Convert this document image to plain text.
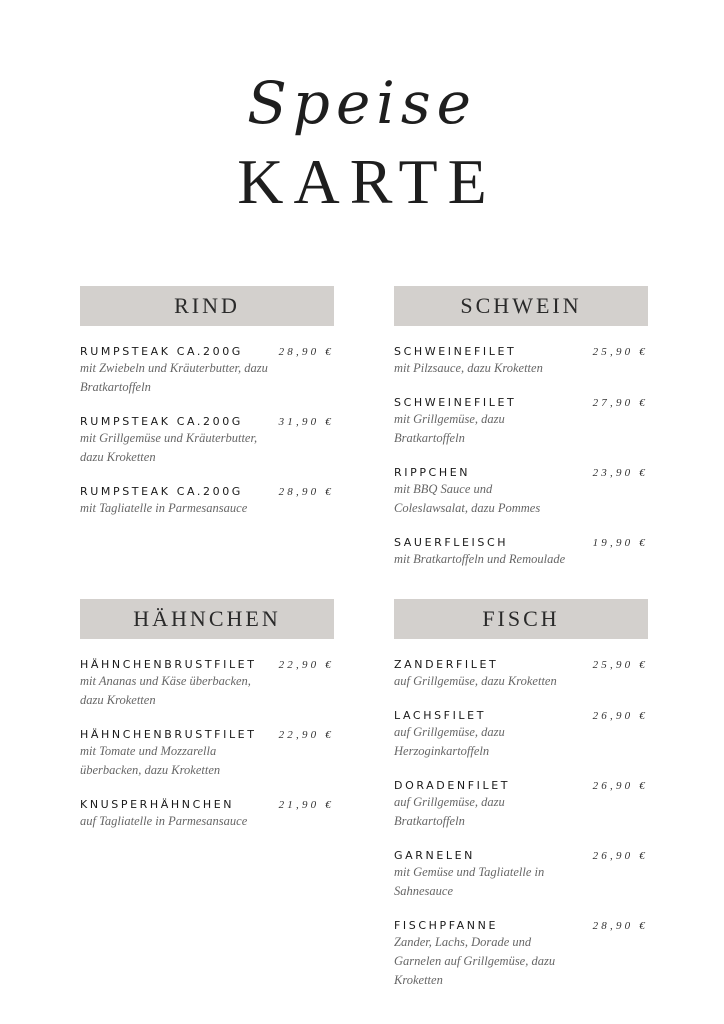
Speise
KARTE
RIND
RUMPSTEAK CA.200G	28,90 €
mit Zwiebeln und Kräuterbutter, dazu Bratkartoffeln
RUMPSTEAK CA.200G	31,90 €
mit Grillgemüse und Kräuterbutter, dazu Kroketten
RUMPSTEAK CA.200G	28,90 €
mit Tagliatelle in Parmesansauce
SCHWEIN
SCHWEINEFILET	25,90 €
mit Pilzsauce, dazu Kroketten
SCHWEINEFILET	27,90 €
mit Grillgemüse, dazu Bratkartoffeln
RIPPCHEN	23,90 €
mit BBQ Sauce und Coleslawsalat, dazu Pommes
SAUERFLEISCH	19,90 €
mit Bratkartoffeln und Remoulade
HÄHNCHEN
HÄHNCHENBRUSTFILET	22,90 €
mit Ananas und Käse überbacken, dazu Kroketten
HÄHNCHENBRUSTFILET	22,90 €
mit Tomate und Mozzarella überbacken, dazu Kroketten
KNUSPERHÄHNCHEN	21,90 €
auf Tagliatelle in Parmesansauce
FISCH
ZANDERFILET	25,90 €
auf Grillgemüse, dazu Kroketten
LACHSFILET	26,90 €
auf Grillgemüse, dazu Herzoginkartoffeln
DORADENFILET	26,90 €
auf Grillgemüse, dazu Bratkartoffeln
GARNELEN	26,90 €
mit Gemüse und Tagliatelle in Sahnesauce
FISCHPFANNE	28,90 €
Zander, Lachs, Dorade und Garnelen auf Grillgemüse, dazu Kroketten
